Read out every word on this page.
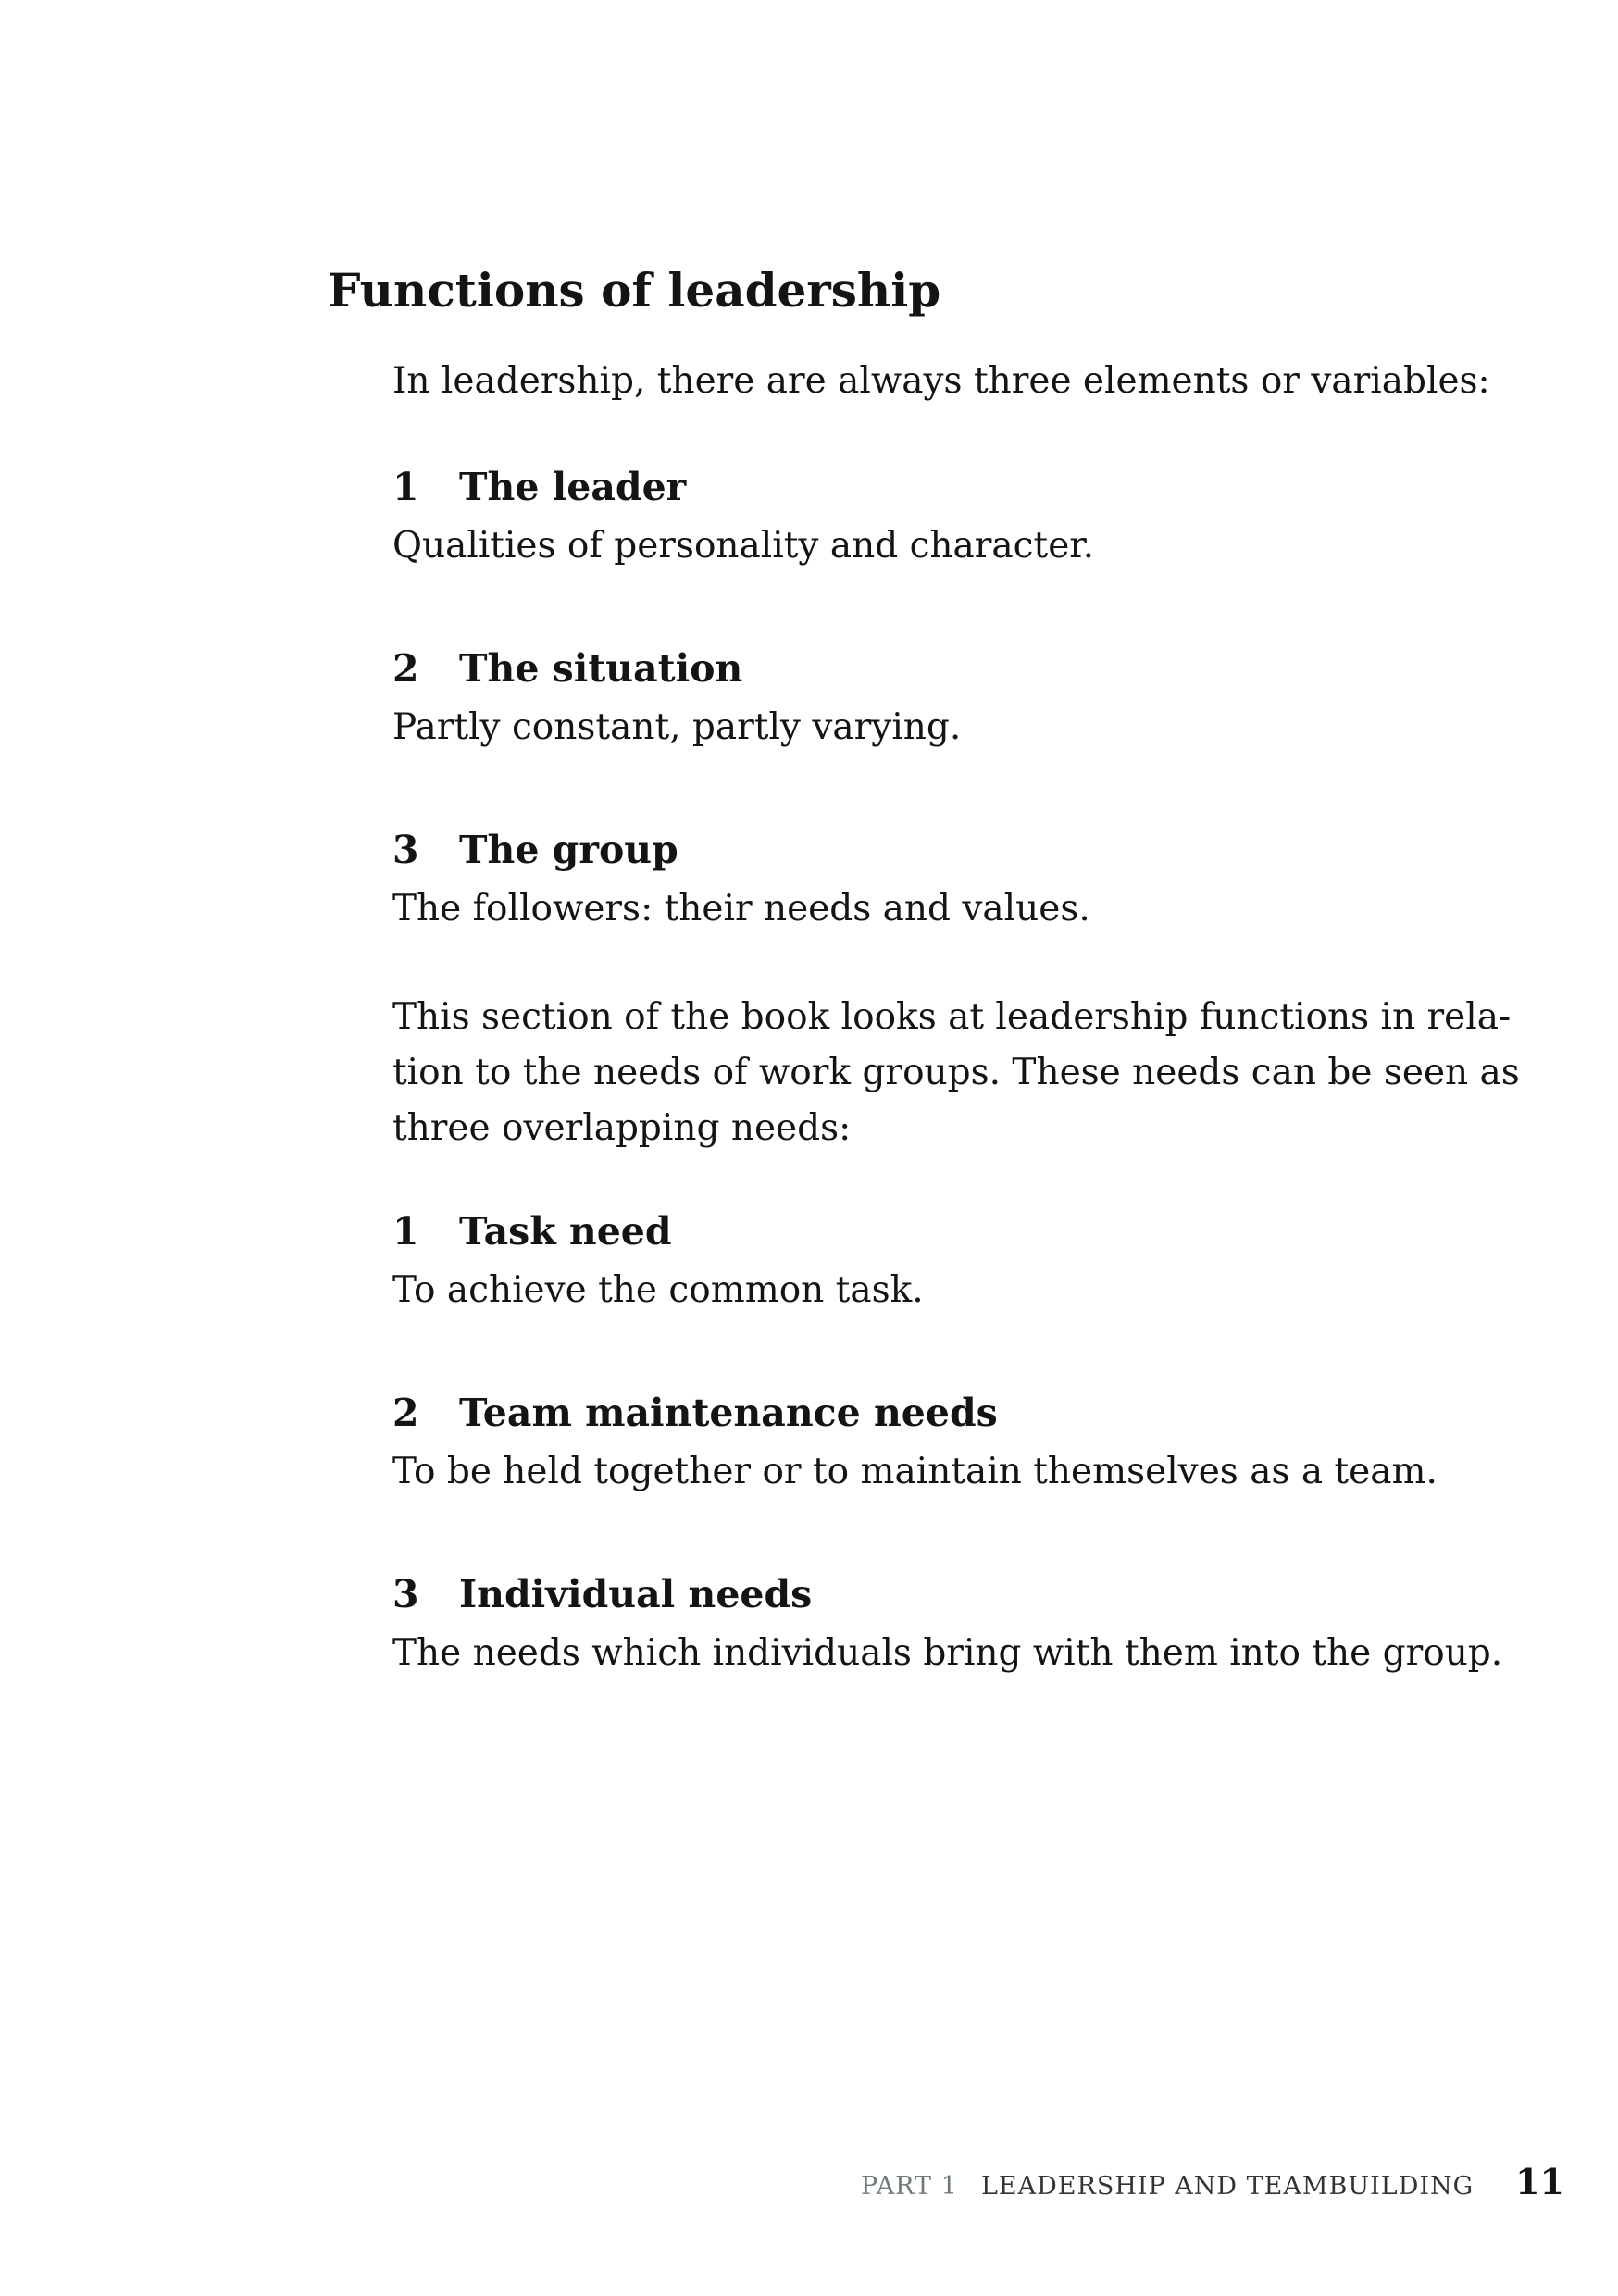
Functions of leadership

In leadership, there are always three elements or variables:

1 The leader

Qualities of personality and character.

2 The situation

Partly constant, partly varying.

3 The group

The followers: their needs and values.

This section of the book looks at leadership functions in rela-

tion to the needs of work groups. These needs can be seen as

three overlapping needs:

1 Task need

To achieve the common task.

2 Team maintenance needs

To be held together or to maintain themselves as a team.

3 Individual needs

The needs which individuals bring with them into the group.

PART 1 LEADERSHIP AND TEAMBUILDING 11
